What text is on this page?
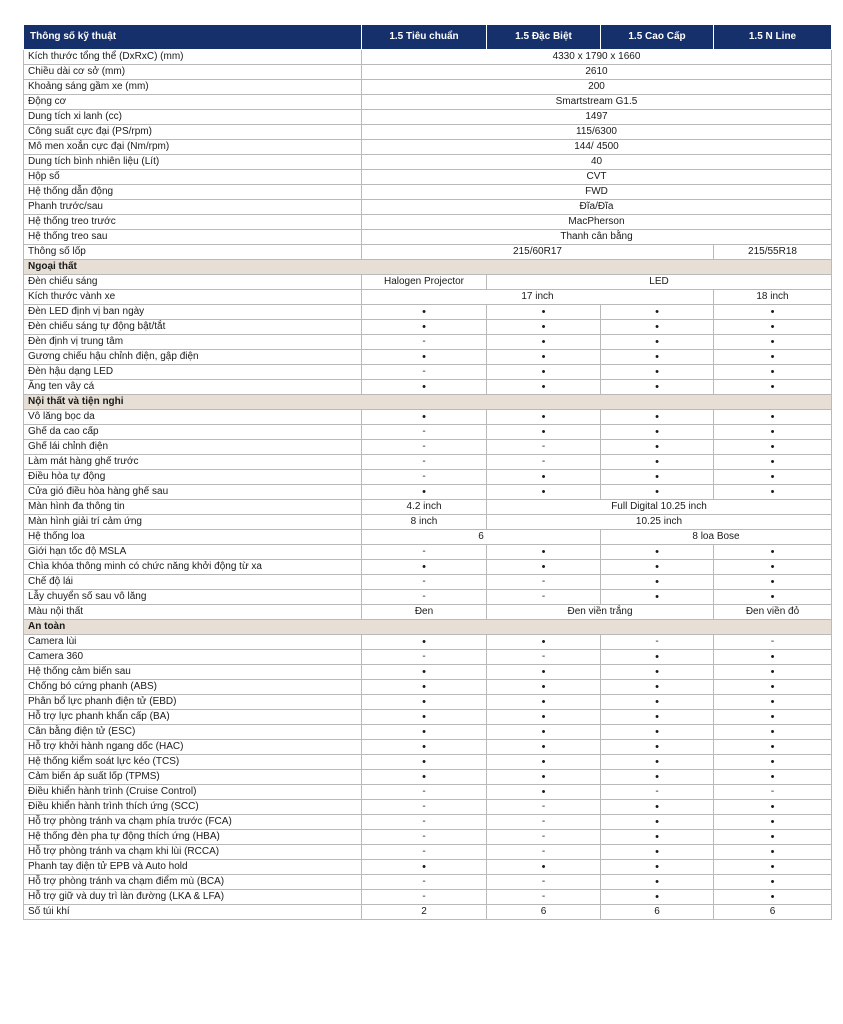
Thông số kỹ thuật	1.5 Tiêu chuẩn	1.5 Đặc Biệt	1.5 Cao Cấp	1.5 N Line
Kích thước tổng thể (DxRxC) (mm)	4330 x 1790 x 1660			
Chiều dài cơ sở (mm)	2610			
Khoảng sáng gầm xe (mm)	200			
Động cơ	Smartstream G1.5			
Dung tích xi lanh (cc)	1497			
Công suất cực đại (PS/rpm)	115/6300			
Mô men xoắn cực đại (Nm/rpm)	144/ 4500			
Dung tích bình nhiên liệu (Lít)	40			
Hộp số	CVT			
Hệ thống dẫn động	FWD			
Phanh trước/sau	Đĩa/Đĩa			
Hệ thống treo trước	MacPherson			
Hệ thống treo sau	Thanh cân bằng			
Thông số lốp	215/60R17			215/55R18
Ngoại thất				
Đèn chiếu sáng	Halogen Projector	LED		
Kích thước vành xe	17 inch			18 inch
Đèn LED định vị ban ngày	•	•	•	•
Đèn chiếu sáng tự động bật/tắt	•	•	•	•
Đèn định vị trung tâm	-	•	•	•
Gương chiếu hậu chỉnh điện, gập điện	•	•	•	•
Đèn hậu dạng LED	-	•	•	•
Ăng ten vây cá	•	•	•	•
Nội thất và tiện nghi				
Vô lăng bọc da	•	•	•	•
Ghế da cao cấp	-	•	•	•
Ghế lái chỉnh điện	-	-	•	•
Làm mát hàng ghế trước	-	-	•	•
Điều hòa tự động	-	•	•	•
Cửa gió điều hòa hàng ghế sau	•	•	•	•
Màn hình đa thông tin	4.2 inch	Full Digital 10.25 inch		
Màn hình giải trí cảm ứng	8 inch	10.25 inch		
Hệ thống loa	6		8 loa Bose	
Giới hạn tốc độ MSLA	-	•	•	•
Chìa khóa thông minh có chức năng khởi động từ xa	•	•	•	•
Chế độ lái	-	-	•	•
Lẫy chuyển số sau vô lăng	-	-	•	•
Màu nội thất	Đen	Đen viền trắng		Đen viền đỏ
An toàn				
Camera lùi	•	•	-	-
Camera 360	-	-	•	•
Hệ thống cảm biến sau	•	•	•	•
Chống bó cứng phanh (ABS)	•	•	•	•
Phân bổ lực phanh điện tử (EBD)	•	•	•	•
Hỗ trợ lực phanh khẩn cấp (BA)	•	•	•	•
Cân bằng điện tử (ESC)	•	•	•	•
Hỗ trợ khởi hành ngang dốc (HAC)	•	•	•	•
Hệ thống kiểm soát lực kéo (TCS)	•	•	•	•
Cảm biến áp suất lốp (TPMS)	•	•	•	•
Điều khiển hành trình (Cruise Control)	-	•	-	-
Điều khiển hành trình thích ứng (SCC)	-	-	•	•
Hỗ trợ phòng tránh va chạm phía trước (FCA)	-	-	•	•
Hệ thống đèn pha tự động thích ứng (HBA)	-	-	•	•
Hỗ trợ phòng tránh va chạm khi lùi (RCCA)	-	-	•	•
Phanh tay điện tử EPB và Auto hold	•	•	•	•
Hỗ trợ phòng tránh va chạm điểm mù (BCA)	-	-	•	•
Hỗ trợ giữ và duy trì làn đường (LKA & LFA)	-	-	•	•
Số túi khí	2	6	6	6
